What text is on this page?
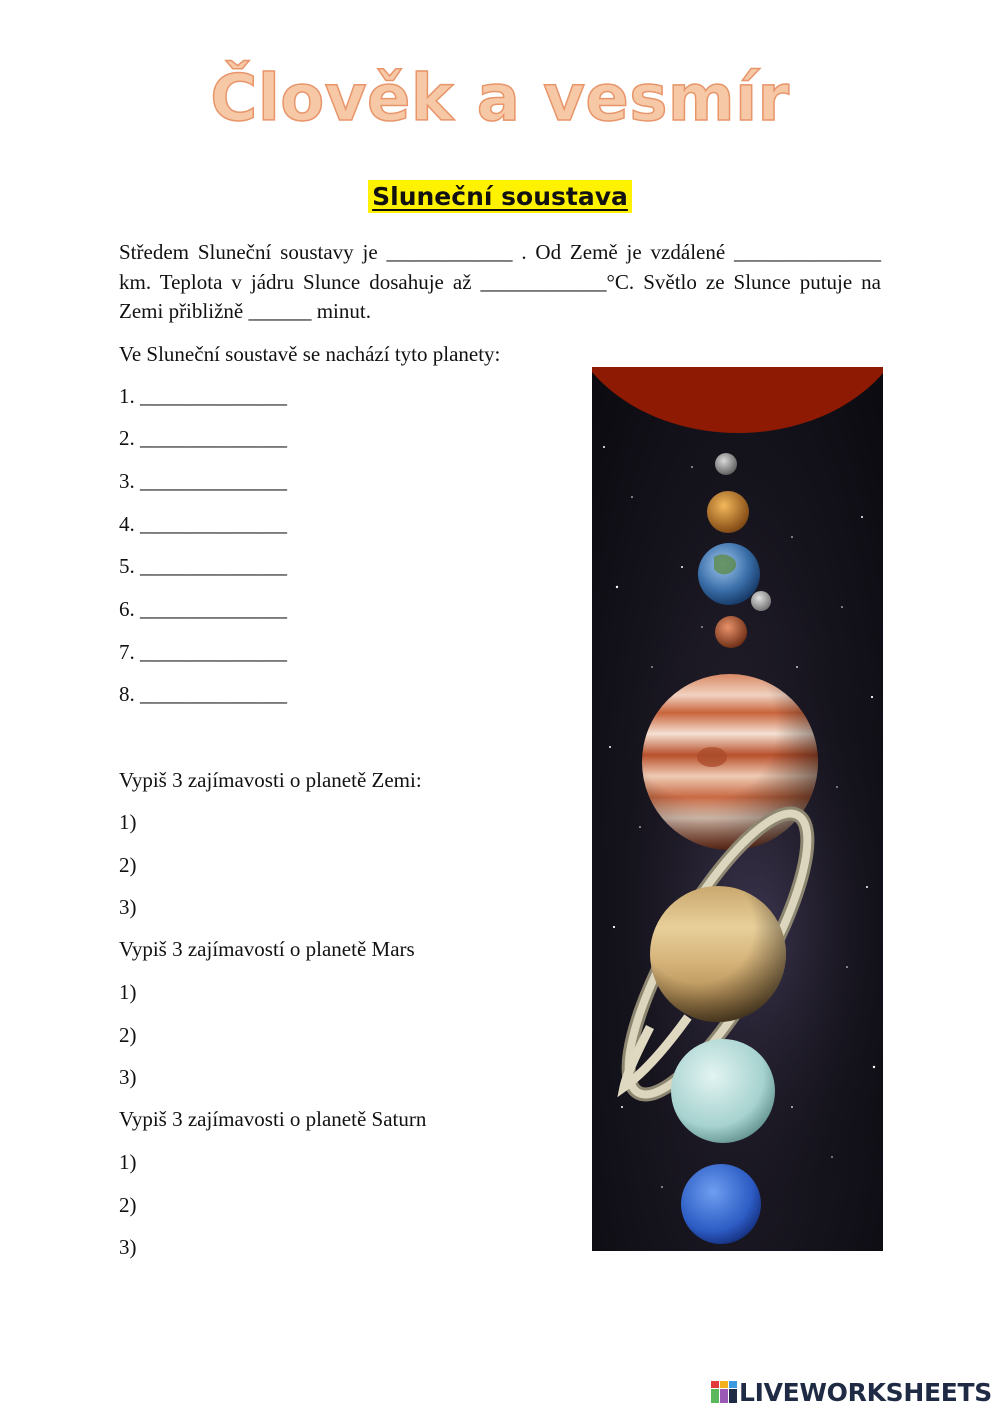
Člověk a vesmír
Sluneční soustava
Středem Sluneční soustavy je ____________ . Od Země je vzdálené ______________ km. Teplota v jádru Slunce dosahuje až ____________°C. Světlo ze Slunce putuje na Zemi přibližně ______ minut.
Ve Sluneční soustavě se nachází tyto planety:
1. ______________
2. ______________
3. ______________
4. ______________
5. ______________
6. ______________
7. ______________
8. ______________
Vypiš 3 zajímavosti o planetě Zemi:
1)
2)
3)
Vypiš 3 zajímavostí o planetě Mars
1)
2)
3)
Vypiš 3 zajímavosti o planetě Saturn
1)
2)
3)
LIVEWORKSHEETS
